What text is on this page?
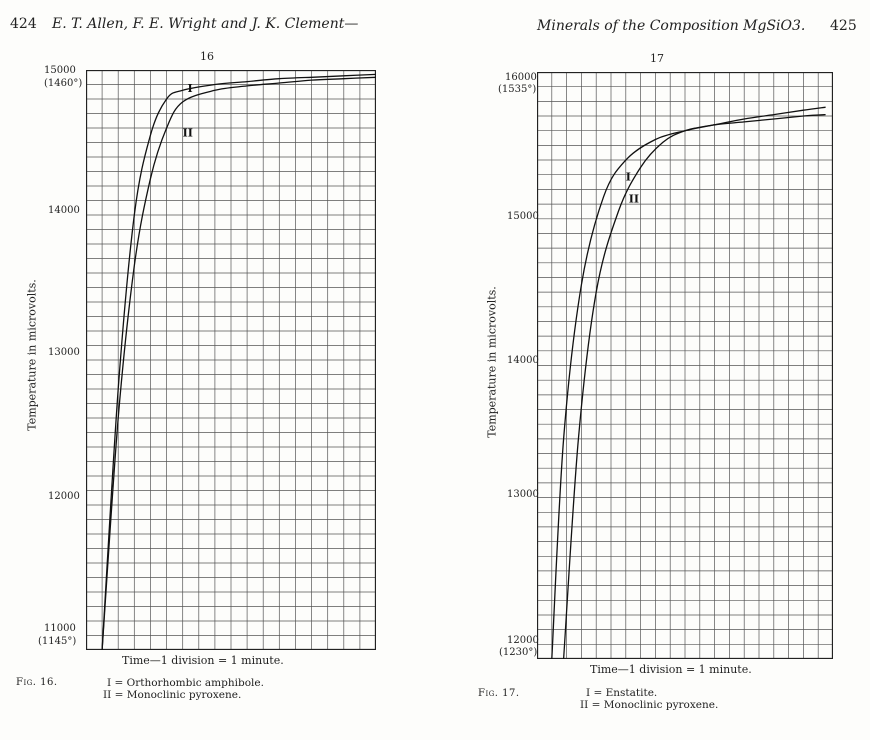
424 E. T. Allen, F. E. Wright and J. K. Clement—	Minerals of the Composition MgSiO3. 425
16
15000
(1460°)
14000
13000
12000
11000
(1145°)
Temperature in microvolts.
I
II
Time—1 division = 1 minute.
Fig. 16.	I = Orthorhombic amphibole.
II = Monoclinic pyroxene.
17
16000
(1535°)
15000
14000
13000
12000
(1230°)
Temperature in microvolts.
I
II
Time—1 division = 1 minute.
Fig. 17.	I = Enstatite.
II = Monoclinic pyroxene.
